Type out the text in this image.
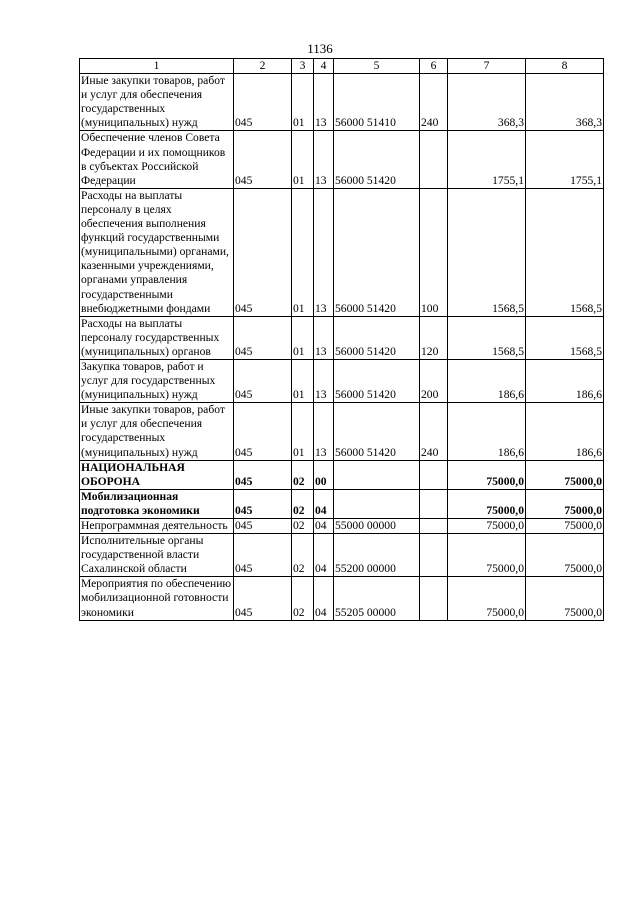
1136
1	2	3	4	5	6	7	8
Иные закупки товаров, работ и услуг для обеспечения государственных (муниципальных) нужд	045	01	13	56000 51410	240	368,3	368,3
Обеспечение членов Совета Федерации и их помощников в субъектах Российской Федерации	045	01	13	56000 51420		1755,1	1755,1
Расходы на выплаты персоналу в целях обеспечения выполнения функций государственными (муниципальными) органами, казенными учреждениями, органами управления государственными внебюджетными фондами	045	01	13	56000 51420	100	1568,5	1568,5
Расходы на выплаты персоналу государственных (муниципальных) органов	045	01	13	56000 51420	120	1568,5	1568,5
Закупка товаров, работ и услуг для государственных (муниципальных) нужд	045	01	13	56000 51420	200	186,6	186,6
Иные закупки товаров, работ и услуг для обеспечения государственных (муниципальных) нужд	045	01	13	56000 51420	240	186,6	186,6
НАЦИОНАЛЬНАЯ ОБОРОНА	045	02	00			75000,0	75000,0
Мобилизационная подготовка экономики	045	02	04			75000,0	75000,0
Непрограммная деятельность	045	02	04	55000 00000		75000,0	75000,0
Исполнительные органы государственной власти Сахалинской области	045	02	04	55200 00000		75000,0	75000,0
Мероприятия по обеспечению мобилизационной готовности экономики	045	02	04	55205 00000		75000,0	75000,0
